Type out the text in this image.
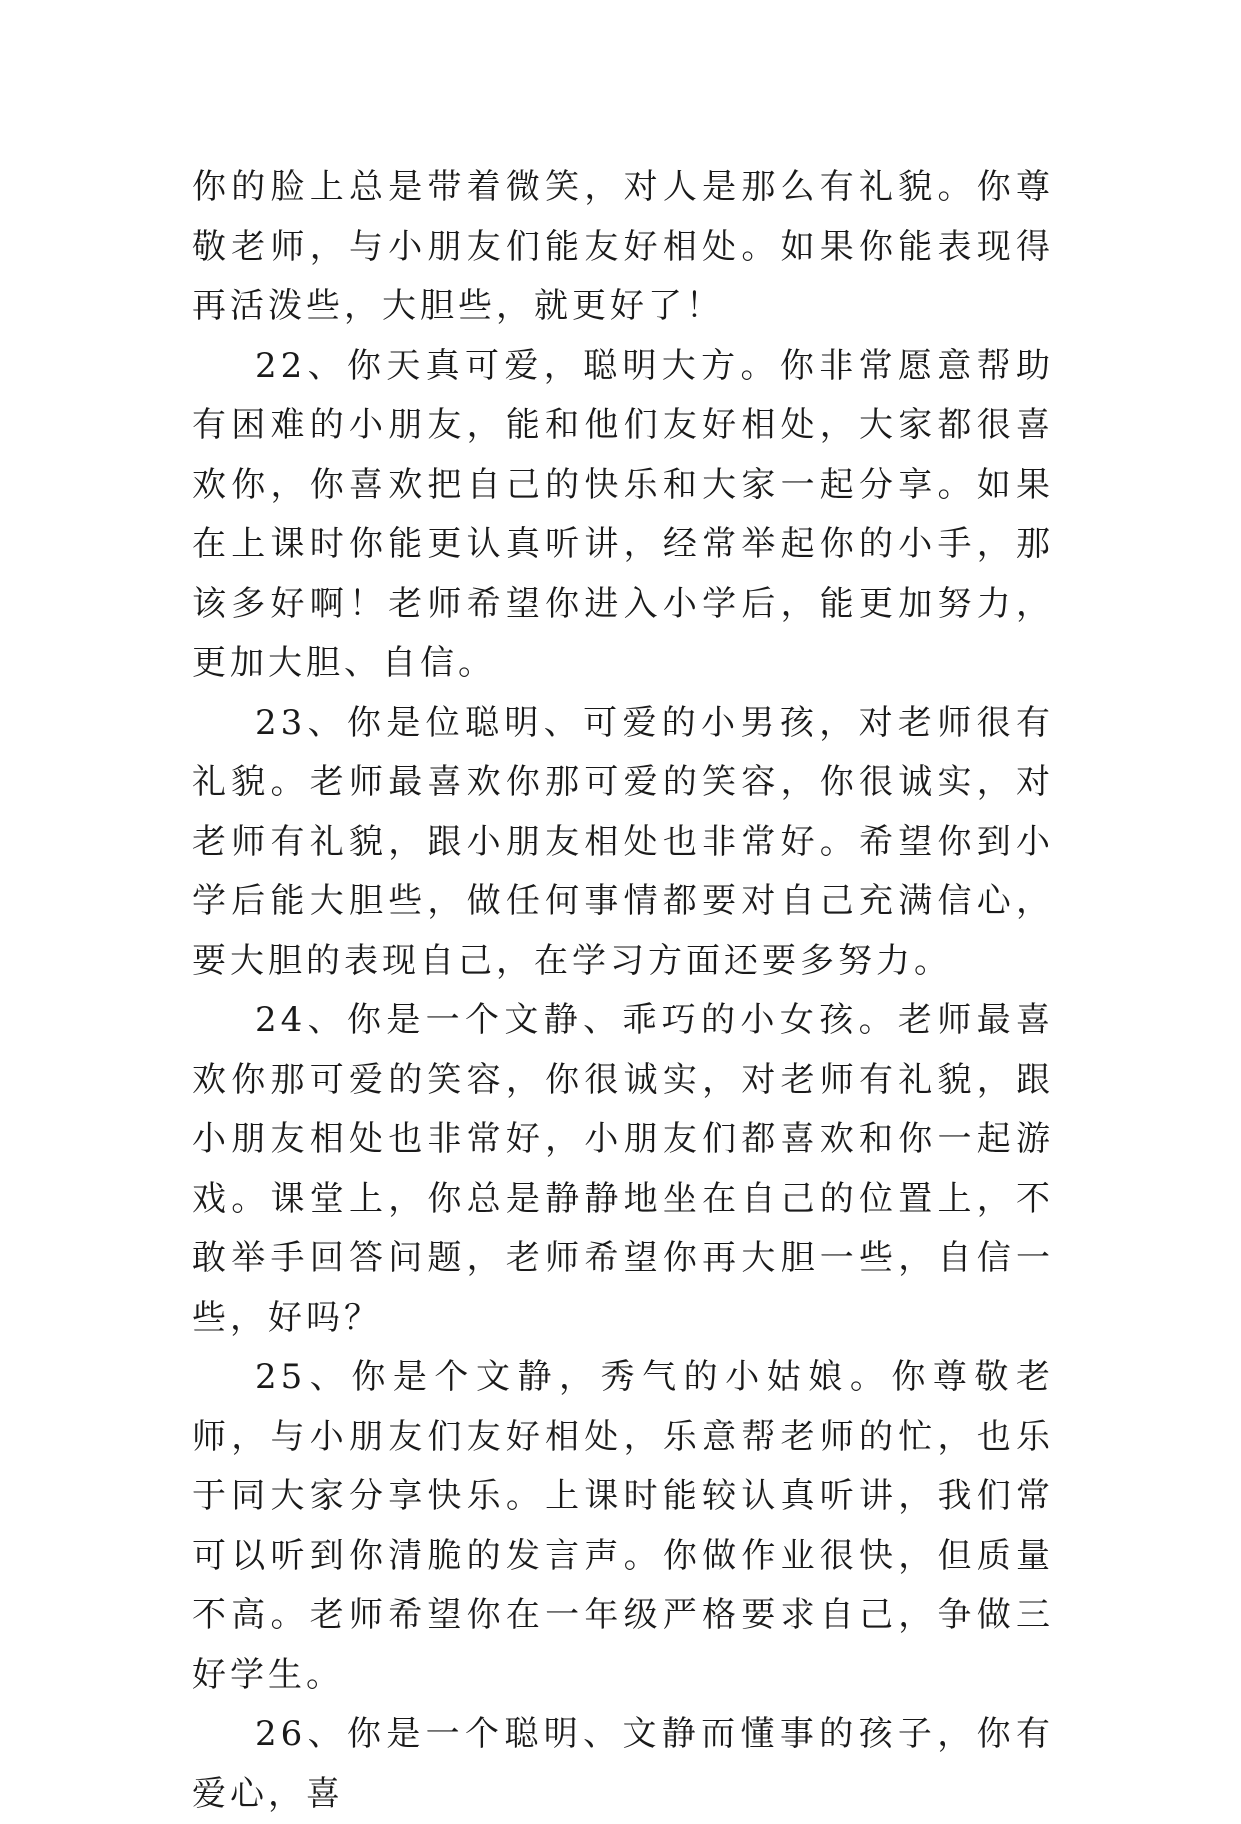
你的脸上总是带着微笑，对人是那么有礼貌。你尊敬老师，与小朋友们能友好相处。如果你能表现得再活泼些，大胆些，就更好了！

22、你天真可爱，聪明大方。你非常愿意帮助有困难的小朋友，能和他们友好相处，大家都很喜欢你，你喜欢把自己的快乐和大家一起分享。如果在上课时你能更认真听讲，经常举起你的小手，那该多好啊！老师希望你进入小学后，能更加努力，更加大胆、自信。

23、你是位聪明、可爱的小男孩，对老师很有礼貌。老师最喜欢你那可爱的笑容，你很诚实，对老师有礼貌，跟小朋友相处也非常好。希望你到小学后能大胆些，做任何事情都要对自己充满信心，要大胆的表现自己，在学习方面还要多努力。

24、你是一个文静、乖巧的小女孩。老师最喜欢你那可爱的笑容，你很诚实，对老师有礼貌，跟小朋友相处也非常好，小朋友们都喜欢和你一起游戏。课堂上，你总是静静地坐在自己的位置上，不敢举手回答问题，老师希望你再大胆一些，自信一些，好吗？

25、你是个文静，秀气的小姑娘。你尊敬老师，与小朋友们友好相处，乐意帮老师的忙，也乐于同大家分享快乐。上课时能较认真听讲，我们常可以听到你清脆的发言声。你做作业很快，但质量不高。老师希望你在一年级严格要求自己，争做三好学生。

26、你是一个聪明、文静而懂事的孩子，你有爱心，喜
